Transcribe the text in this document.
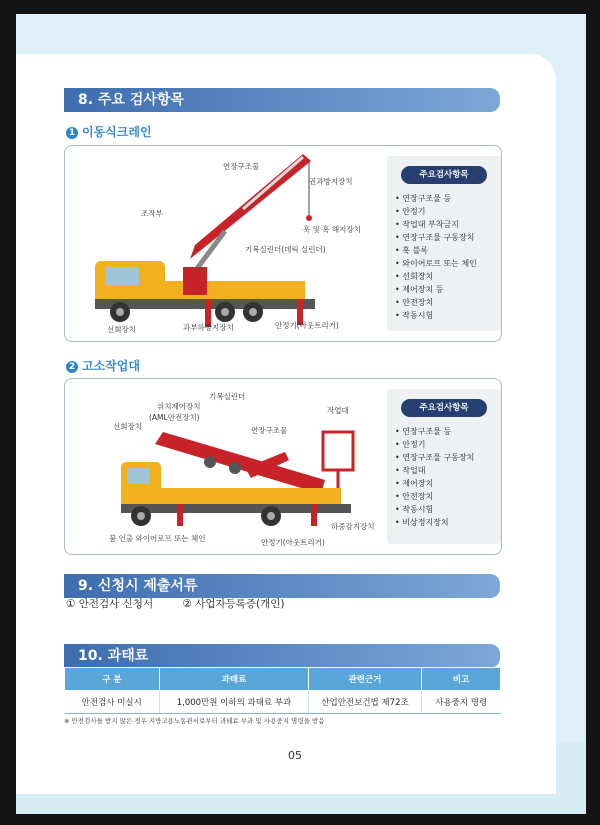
8. 주요 검사항목
1 이동식크레인
연장구조물
권과방지장치
조작부
훅 및 훅 해지장치
기복실린더(데릭 실린더)
선회장치	과부하방지장치	안정기(아웃트리거)
주요검사항목
• 연장구조물 등
• 안정기
• 작업대 부착금지
• 연장구조물 구동장치
• 훅 블록
• 와이어로프 또는 체인
• 선회장치
• 제어장치 등
• 안전장치
• 작동시험
2 고소작업대
위치제어장치
(AML안전장치)
기복실린더
선회장치	연장구조물
작업대
붐 인출 와이어로프 또는 체인
하중감지장치
안정기(아웃트리거)
주요검사항목
• 연장구조물 등
• 안정기
• 연장구조물 구동장치
• 작업대
• 제어장치
• 안전장치
• 작동시험
• 비상정지장치
9. 신청시 제출서류
① 안전검사 신청서	② 사업자등록증(개인)
10. 과태료
구 분	과태료	관련근거	비고
안전검사 미실시	1,000만원 이하의 과태료 부과	산업안전보건법 제72조	사용중지 명령
※ 안전검사를 받지 않은 경우 지방고용노동관서로부터 과태료 부과 및 사용중지 명령을 받음
05
